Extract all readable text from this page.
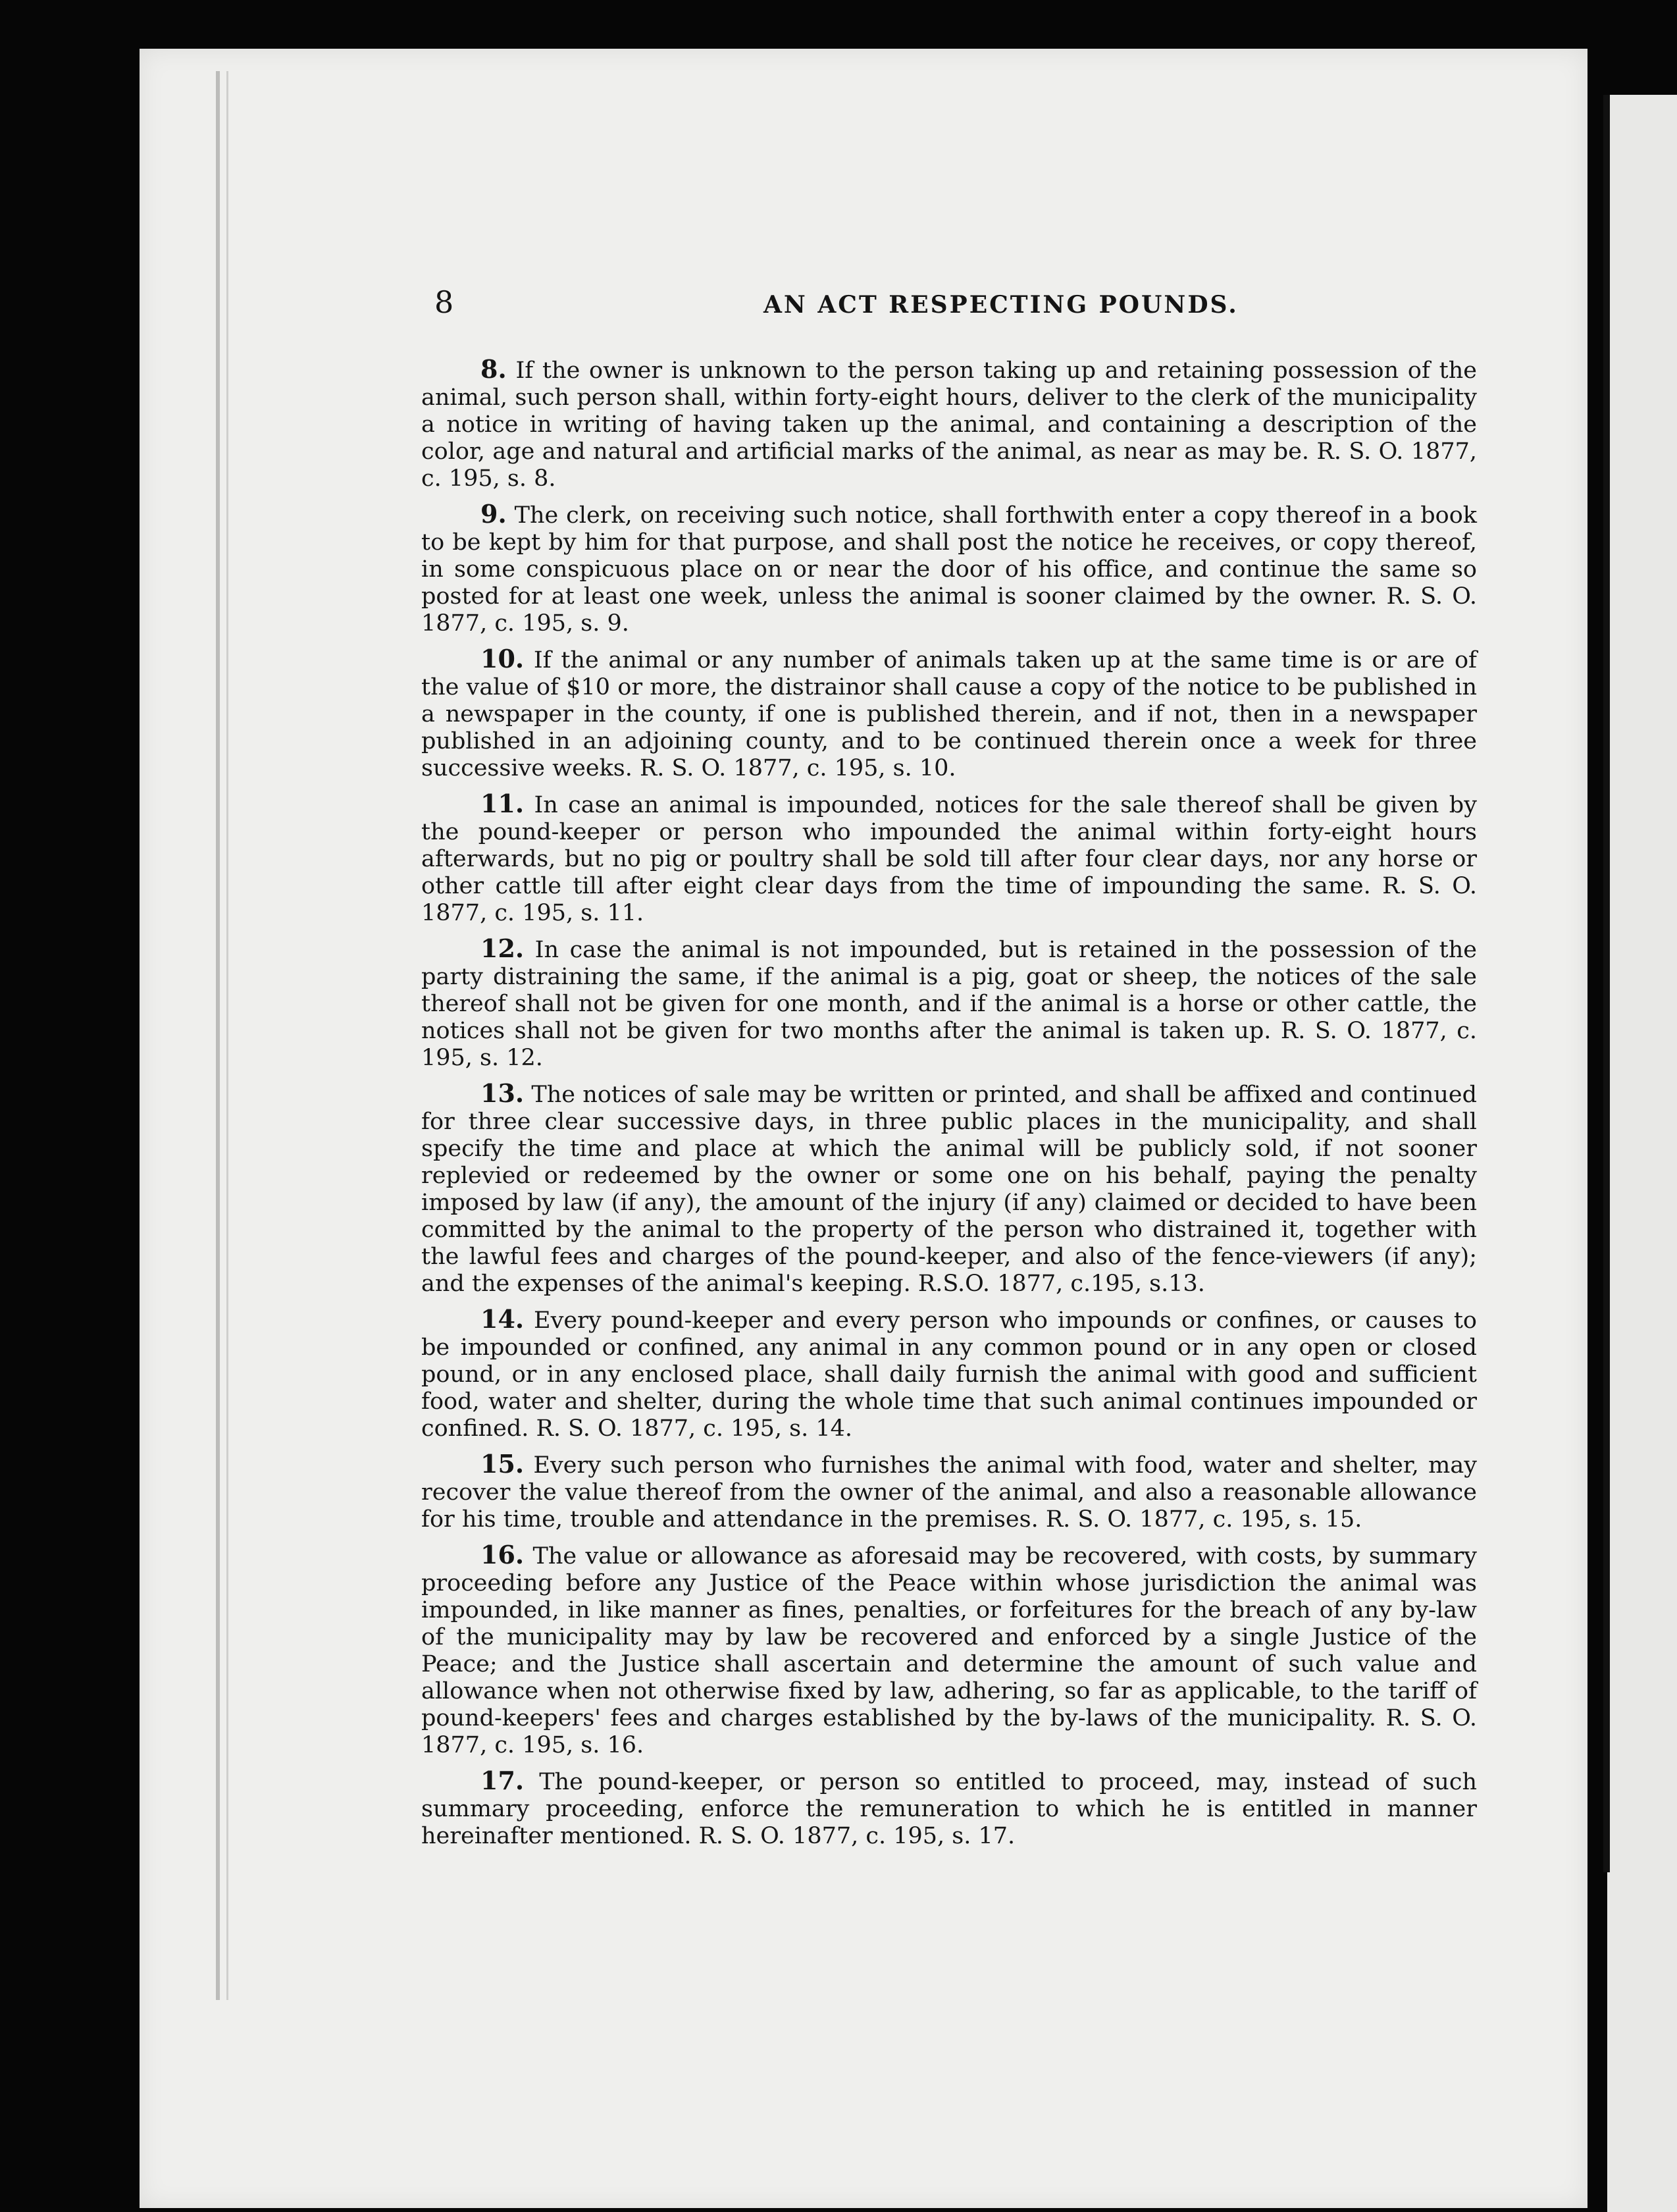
8	AN ACT RESPECTING POUNDS.

8. If the owner is unknown to the person taking up and retaining possession of the animal, such person shall, within forty-eight hours, deliver to the clerk of the municipality a notice in writing of having taken up the animal, and containing a description of the color, age and natural and artificial marks of the animal, as near as may be. R. S. O. 1877, c. 195, s. 8.

9. The clerk, on receiving such notice, shall forthwith enter a copy thereof in a book to be kept by him for that purpose, and shall post the notice he receives, or copy thereof, in some conspicuous place on or near the door of his office, and continue the same so posted for at least one week, unless the animal is sooner claimed by the owner. R. S. O. 1877, c. 195, s. 9.

10. If the animal or any number of animals taken up at the same time is or are of the value of $10 or more, the distrainor shall cause a copy of the notice to be published in a newspaper in the county, if one is published therein, and if not, then in a newspaper published in an adjoining county, and to be continued therein once a week for three successive weeks. R. S. O. 1877, c. 195, s. 10.

11. In case an animal is impounded, notices for the sale thereof shall be given by the pound-keeper or person who impounded the animal within forty-eight hours afterwards, but no pig or poultry shall be sold till after four clear days, nor any horse or other cattle till after eight clear days from the time of impounding the same. R. S. O. 1877, c. 195, s. 11.

12. In case the animal is not impounded, but is retained in the possession of the party distraining the same, if the animal is a pig, goat or sheep, the notices of the sale thereof shall not be given for one month, and if the animal is a horse or other cattle, the notices shall not be given for two months after the animal is taken up. R. S. O. 1877, c. 195, s. 12.

13. The notices of sale may be written or printed, and shall be affixed and continued for three clear successive days, in three public places in the municipality, and shall specify the time and place at which the animal will be publicly sold, if not sooner replevied or redeemed by the owner or some one on his behalf, paying the penalty imposed by law (if any), the amount of the injury (if any) claimed or decided to have been committed by the animal to the property of the person who distrained it, together with the lawful fees and charges of the pound-keeper, and also of the fence-viewers (if any); and the expenses of the animal's keeping. R.S.O. 1877, c.195, s.13.

14. Every pound-keeper and every person who impounds or confines, or causes to be impounded or confined, any animal in any common pound or in any open or closed pound, or in any enclosed place, shall daily furnish the animal with good and sufficient food, water and shelter, during the whole time that such animal continues impounded or confined. R. S. O. 1877, c. 195, s. 14.

15. Every such person who furnishes the animal with food, water and shelter, may recover the value thereof from the owner of the animal, and also a reasonable allowance for his time, trouble and attendance in the premises. R. S. O. 1877, c. 195, s. 15.

16. The value or allowance as aforesaid may be recovered, with costs, by summary proceeding before any Justice of the Peace within whose jurisdiction the animal was impounded, in like manner as fines, penalties, or forfeitures for the breach of any by-law of the municipality may by law be recovered and enforced by a single Justice of the Peace; and the Justice shall ascertain and determine the amount of such value and allowance when not otherwise fixed by law, adhering, so far as applicable, to the tariff of pound-keepers' fees and charges established by the by-laws of the municipality. R. S. O. 1877, c. 195, s. 16.

17. The pound-keeper, or person so entitled to proceed, may, instead of such summary proceeding, enforce the remuneration to which he is entitled in manner hereinafter mentioned. R. S. O. 1877, c. 195, s. 17.
